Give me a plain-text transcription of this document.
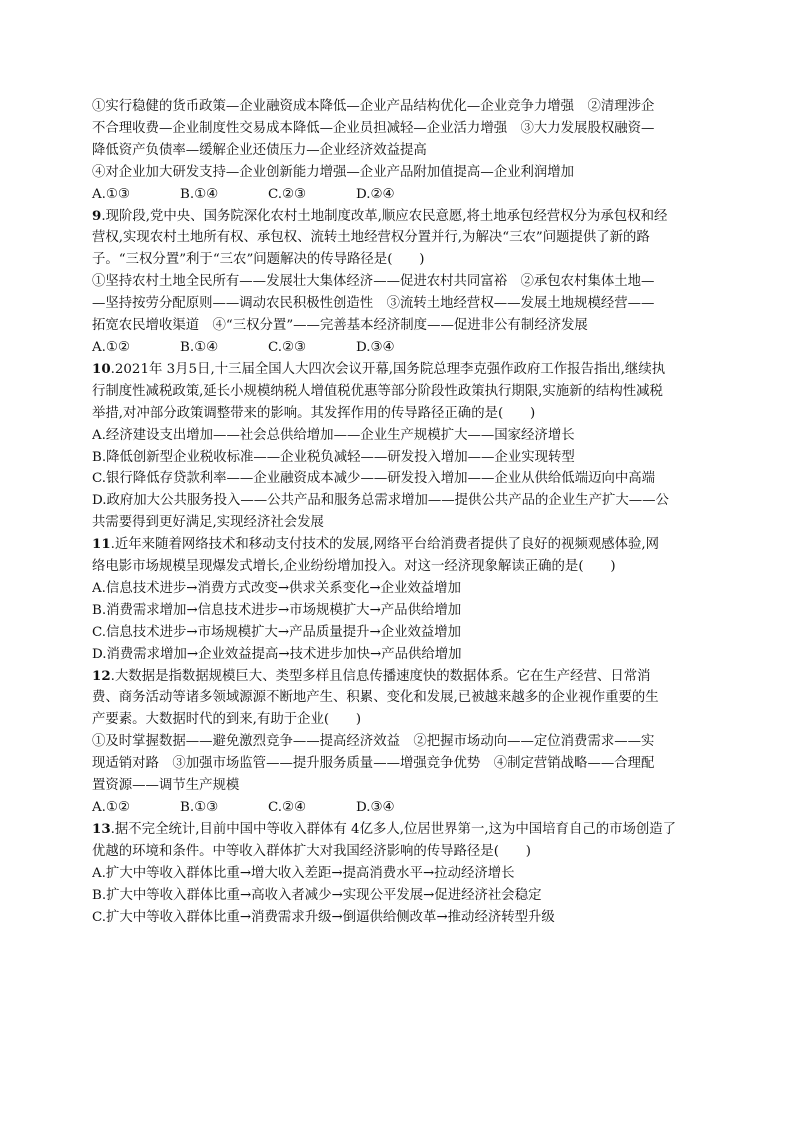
①实行稳健的货币政策—企业融资成本降低—企业产品结构优化—企业竞争力增强　②清理涉企
不合理收费—企业制度性交易成本降低—企业员担减轻—企业活力增强　③大力发展股权融资—
降低资产负债率—缓解企业还债压力—企业经济效益提高
④对企业加大研发支持—企业创新能力增强—企业产品附加值提高—企业利润增加
A.①③	B.①④	C.②③	D.②④
9.现阶段,党中央、国务院深化农村土地制度改革,顺应农民意愿,将土地承包经营权分为承包权和经
营权,实现农村土地所有权、承包权、流转土地经营权分置并行,为解决“三农”问题提供了新的路
子。“三权分置”利于“三农”问题解决的传导路径是(　　)
①坚持农村土地全民所有——发展壮大集体经济——促进农村共同富裕　②承包农村集体土地—
—坚持按劳分配原则——调动农民积极性创造性　③流转土地经营权——发展土地规模经营——
拓宽农民增收渠道　④“三权分置”——完善基本经济制度——促进非公有制经济发展
A.①②	B.①④	C.②③	D.③④
10.2021年 3月5日,十三届全国人大四次会议开幕,国务院总理李克强作政府工作报告指出,继续执
行制度性减税政策,延长小规模纳税人增值税优惠等部分阶段性政策执行期限,实施新的结构性减税
举措,对冲部分政策调整带来的影响。其发挥作用的传导路径正确的是(　　)
A.经济建设支出增加——社会总供给增加——企业生产规模扩大——国家经济增长
B.降低创新型企业税收标准——企业税负减轻——研发投入增加——企业实现转型
C.银行降低存贷款利率——企业融资成本减少——研发投入增加——企业从供给低端迈向中高端
D.政府加大公共服务投入——公共产品和服务总需求增加——提供公共产品的企业生产扩大——公
共需要得到更好满足,实现经济社会发展
11.近年来随着网络技术和移动支付技术的发展,网络平台给消费者提供了良好的视频观感体验,网
络电影市场规模呈现爆发式增长,企业纷纷增加投入。对这一经济现象解读正确的是(　　)
A.信息技术进步→消费方式改变→供求关系变化→企业效益增加
B.消费需求增加→信息技术进步→市场规模扩大→产品供给增加
C.信息技术进步→市场规模扩大→产品质量提升→企业效益增加
D.消费需求增加→企业效益提高→技术进步加快→产品供给增加
12.大数据是指数据规模巨大、类型多样且信息传播速度快的数据体系。它在生产经营、日常消
费、商务活动等诸多领域源源不断地产生、积累、变化和发展,已被越来越多的企业视作重要的生
产要素。大数据时代的到来,有助于企业(　　)
①及时掌握数据——避免激烈竞争——提高经济效益　②把握市场动向——定位消费需求——实
现适销对路　③加强市场监管——提升服务质量——增强竞争优势　④制定营销战略——合理配
置资源——调节生产规模
A.①②	B.①③	C.②④	D.③④
13.据不完全统计,目前中国中等收入群体有 4亿多人,位居世界第一,这为中国培育自己的市场创造了
优越的环境和条件。中等收入群体扩大对我国经济影响的传导路径是(　　)
A.扩大中等收入群体比重→增大收入差距→提高消费水平→拉动经济增长
B.扩大中等收入群体比重→高收入者减少→实现公平发展→促进经济社会稳定
C.扩大中等收入群体比重→消费需求升级→倒逼供给侧改革→推动经济转型升级
